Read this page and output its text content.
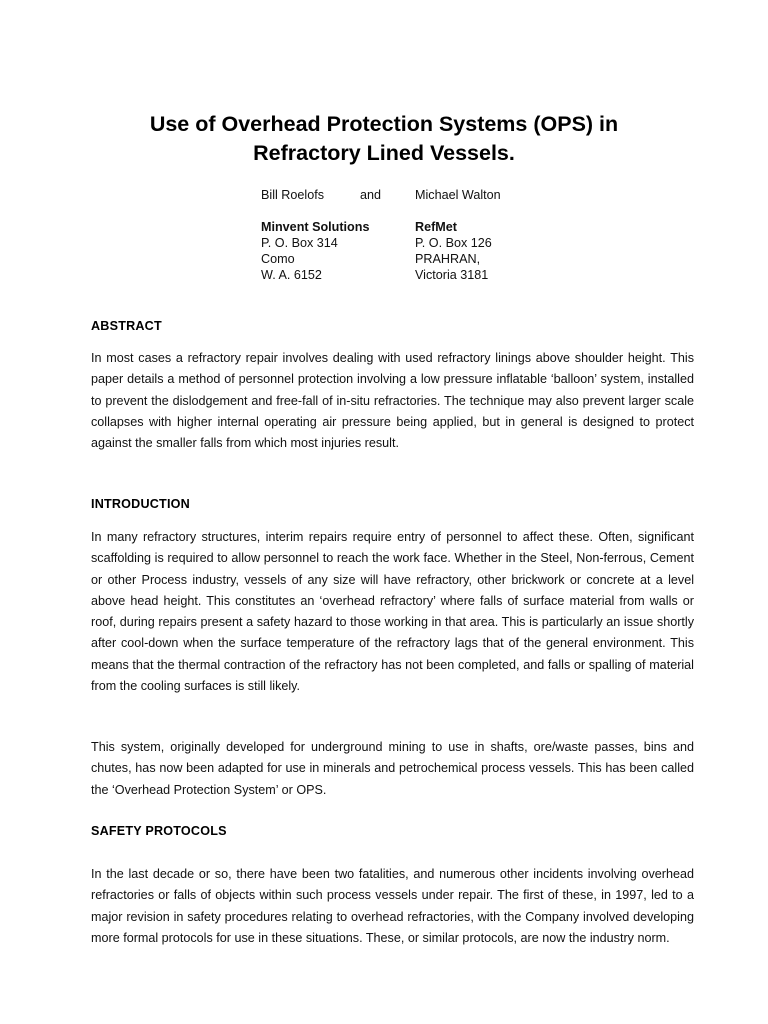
Use of Overhead Protection Systems (OPS) in
Refractory Lined Vessels.
Bill Roelofs	and	Michael Walton
Minvent Solutions
P. O. Box 314
Como
W. A. 6152
RefMet
P. O. Box 126
PRAHRAN,
Victoria 3181
ABSTRACT

In most cases a refractory repair involves dealing with used refractory linings above shoulder height. This paper details a method of personnel protection involving a low pressure inflatable ‘balloon’ system, installed to prevent the dislodgement and free-fall of in-situ refractories. The technique may also prevent larger scale collapses with higher internal operating air pressure being applied, but in general is designed to protect against the smaller falls from which most injuries result.

INTRODUCTION

In many refractory structures, interim repairs require entry of personnel to affect these. Often, significant scaffolding is required to allow personnel to reach the work face. Whether in the Steel, Non-ferrous, Cement or other Process industry, vessels of any size will have refractory, other brickwork or concrete at a level above head height. This constitutes an ‘overhead refractory’ where falls of surface material from walls or roof, during repairs present a safety hazard to those working in that area. This is particularly an issue shortly after cool-down when the surface temperature of the refractory lags that of the general environment. This means that the thermal contraction of the refractory has not been completed, and falls or spalling of material from the cooling surfaces is still likely.

This system, originally developed for underground mining to use in shafts, ore/waste passes, bins and chutes, has now been adapted for use in minerals and petrochemical process vessels. This has been called the ‘Overhead Protection System’ or OPS.

SAFETY PROTOCOLS

In the last decade or so, there have been two fatalities, and numerous other incidents involving overhead refractories or falls of objects within such process vessels under repair. The first of these, in 1997, led to a major revision in safety procedures relating to overhead refractories, with the Company involved developing more formal protocols for use in these situations. These, or similar protocols, are now the industry norm.
